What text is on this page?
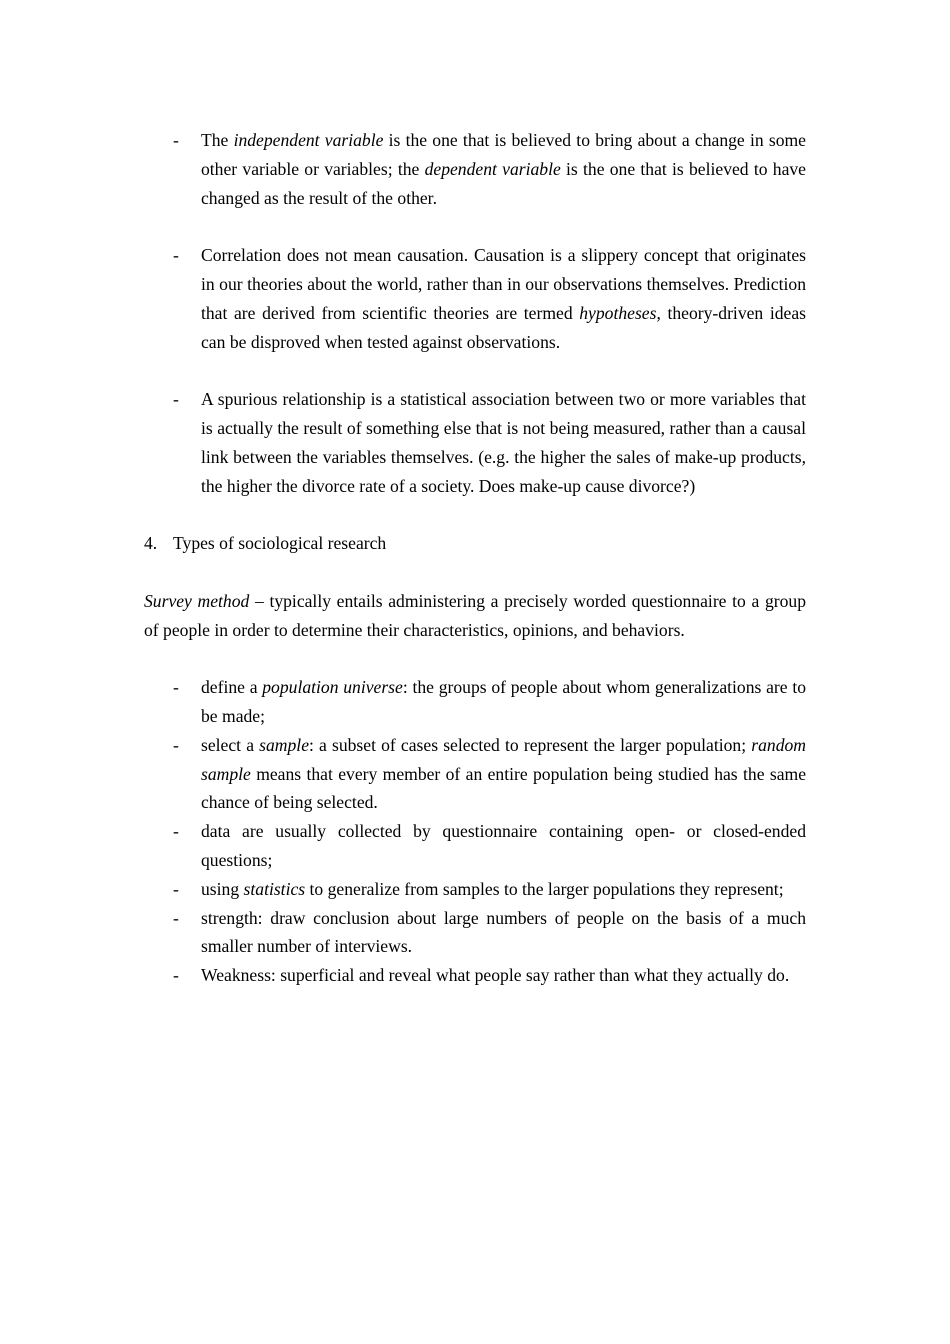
- The independent variable is the one that is believed to bring about a change in some other variable or variables; the dependent variable is the one that is believed to have changed as the result of the other.
- Correlation does not mean causation. Causation is a slippery concept that originates in our theories about the world, rather than in our observations themselves. Prediction that are derived from scientific theories are termed hypotheses, theory-driven ideas can be disproved when tested against observations.
- A spurious relationship is a statistical association between two or more variables that is actually the result of something else that is not being measured, rather than a causal link between the variables themselves. (e.g. the higher the sales of make-up products, the higher the divorce rate of a society. Does make-up cause divorce?)
4. Types of sociological research

Survey method – typically entails administering a precisely worded questionnaire to a group of people in order to determine their characteristics, opinions, and behaviors.

- define a population universe: the groups of people about whom generalizations are to be made;
- select a sample: a subset of cases selected to represent the larger population; random sample means that every member of an entire population being studied has the same chance of being selected.
- data are usually collected by questionnaire containing open- or closed-ended questions;
- using statistics to generalize from samples to the larger populations they represent;
- strength: draw conclusion about large numbers of people on the basis of a much smaller number of interviews.
- Weakness: superficial and reveal what people say rather than what they actually do.
